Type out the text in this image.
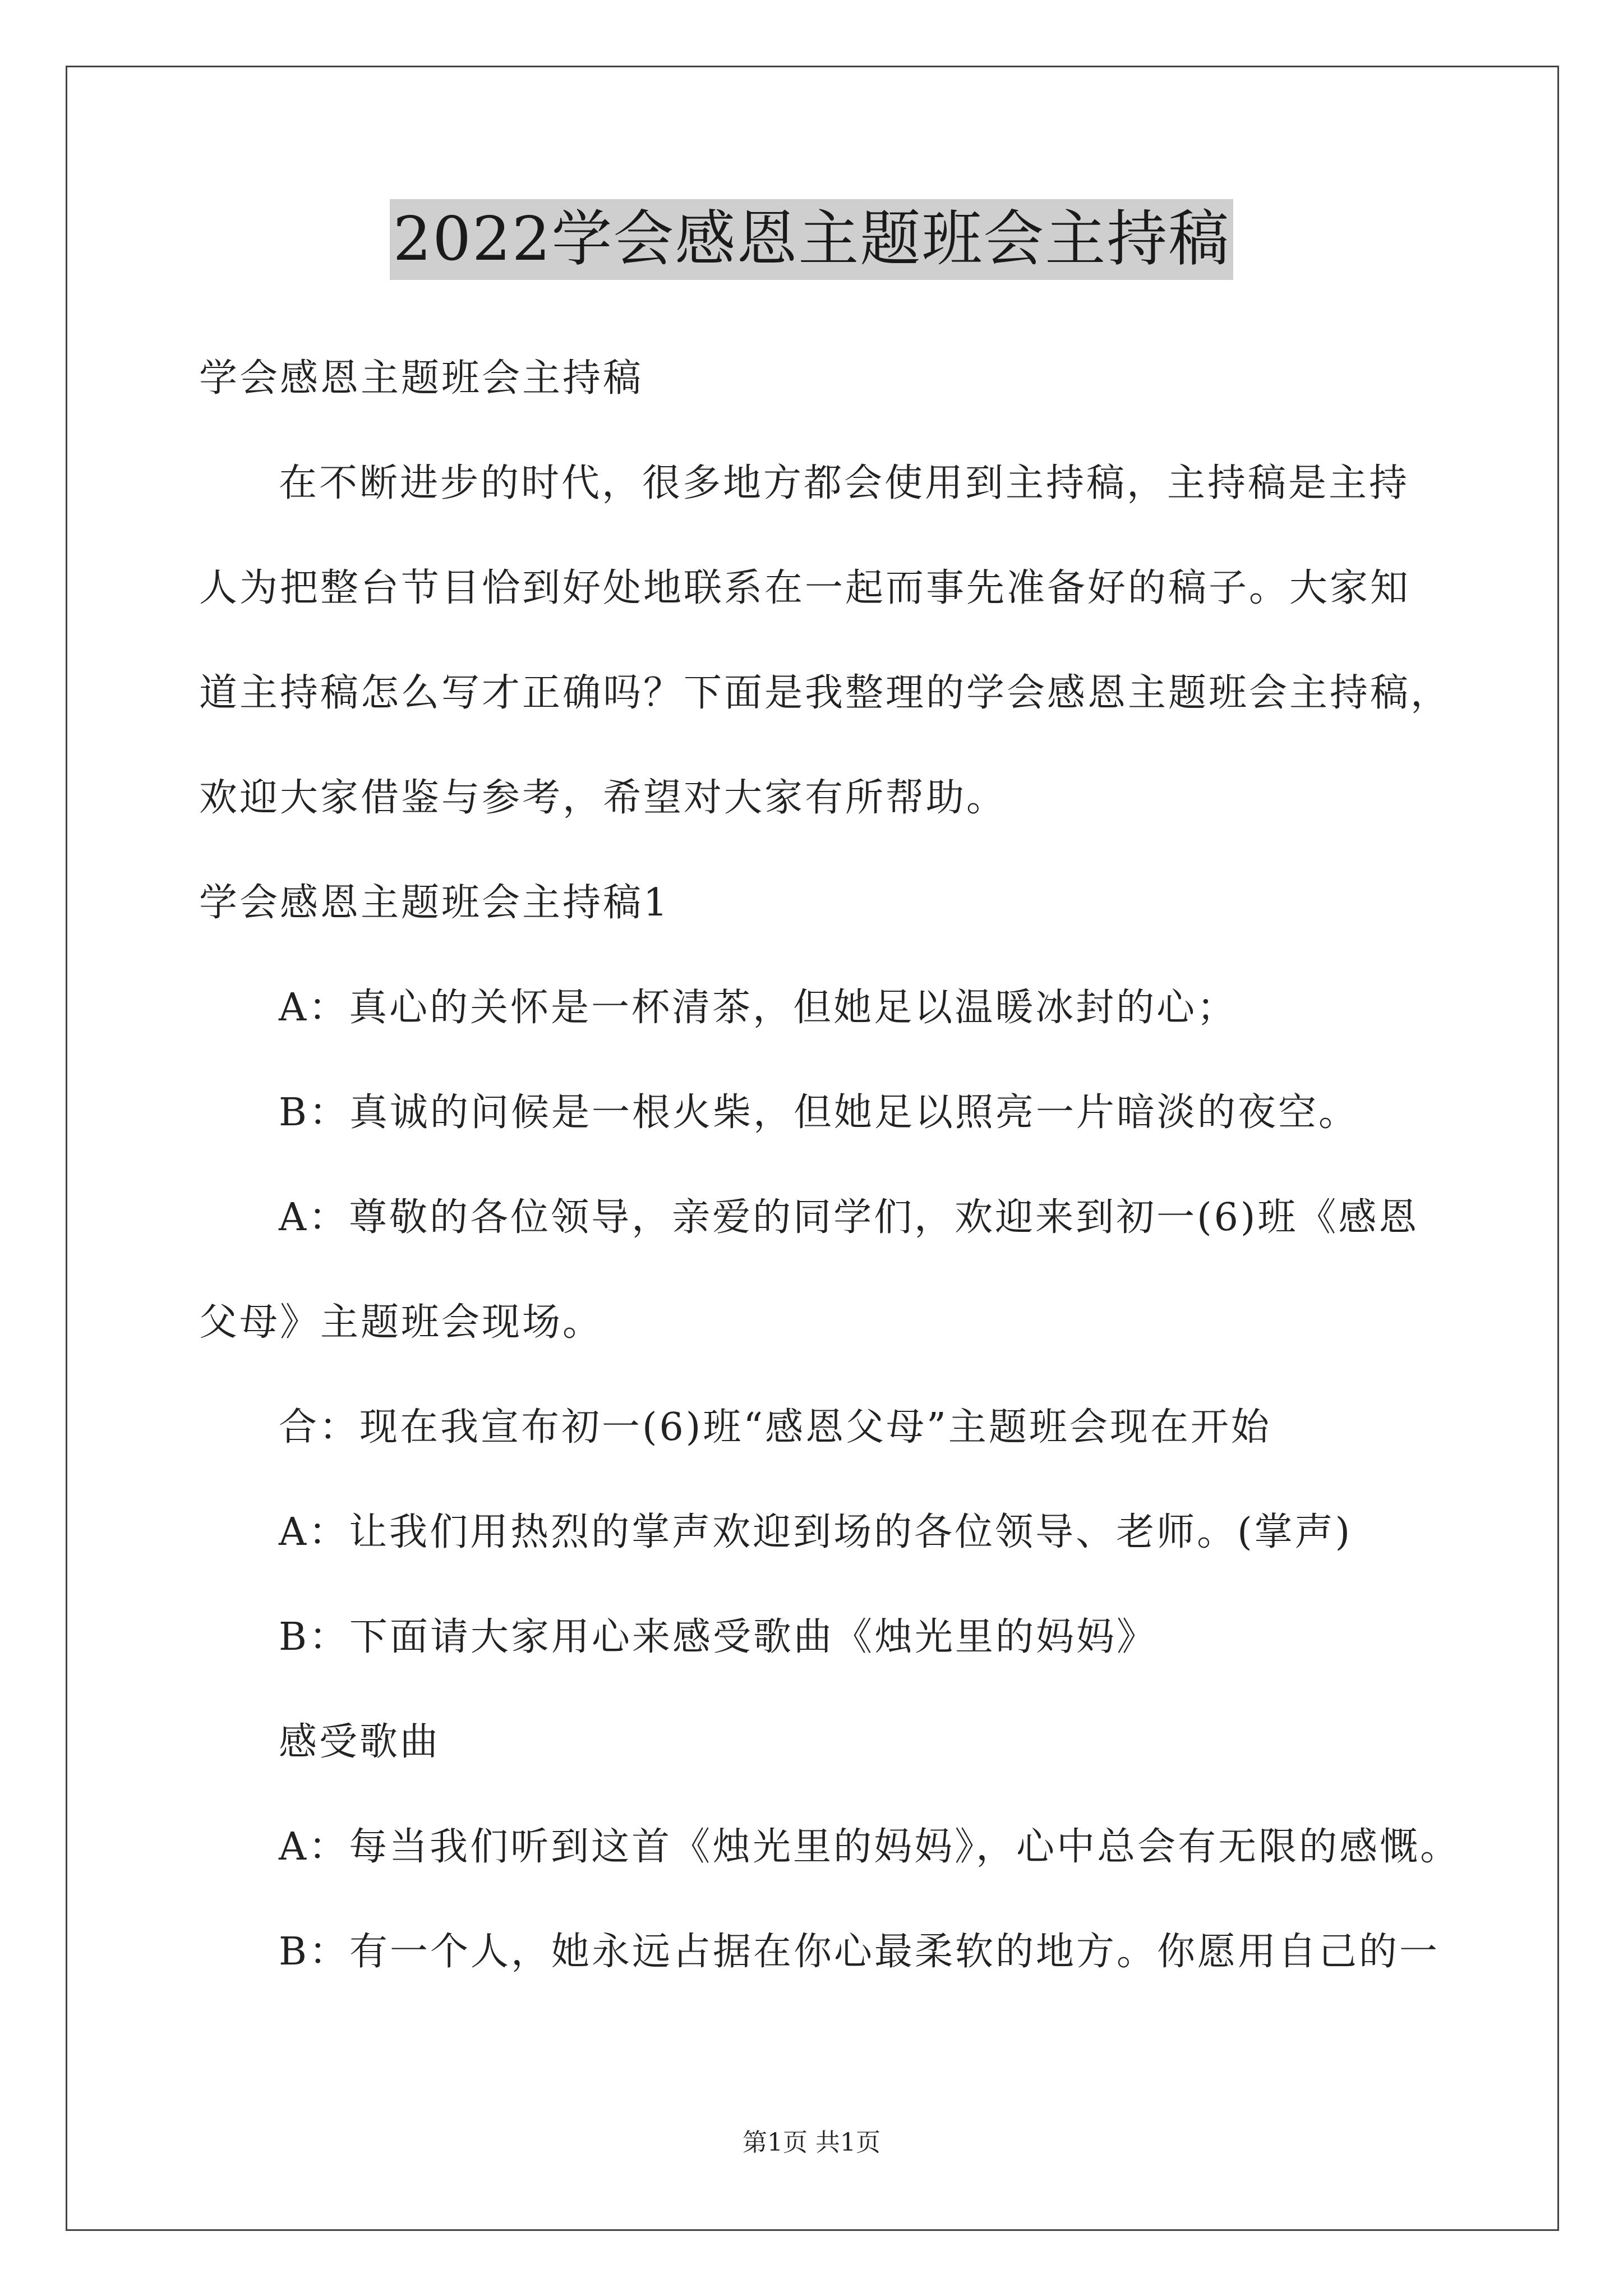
2022学会感恩主题班会主持稿
学会感恩主题班会主持稿
在不断进步的时代，很多地方都会使用到主持稿，主持稿是主持
人为把整台节目恰到好处地联系在一起而事先准备好的稿子。大家知
道主持稿怎么写才正确吗？下面是我整理的学会感恩主题班会主持稿，
欢迎大家借鉴与参考，希望对大家有所帮助。
学会感恩主题班会主持稿1
A：真心的关怀是一杯清茶，但她足以温暖冰封的心；
B：真诚的问候是一根火柴，但她足以照亮一片暗淡的夜空。
A：尊敬的各位领导，亲爱的同学们，欢迎来到初一(6)班《感恩
父母》主题班会现场。
合：现在我宣布初一(6)班“感恩父母”主题班会现在开始
A：让我们用热烈的掌声欢迎到场的各位领导、老师。(掌声)
B：下面请大家用心来感受歌曲《烛光里的妈妈》
感受歌曲
A：每当我们听到这首《烛光里的妈妈》，心中总会有无限的感慨。
B：有一个人，她永远占据在你心最柔软的地方。你愿用自己的一
第1页 共1页
